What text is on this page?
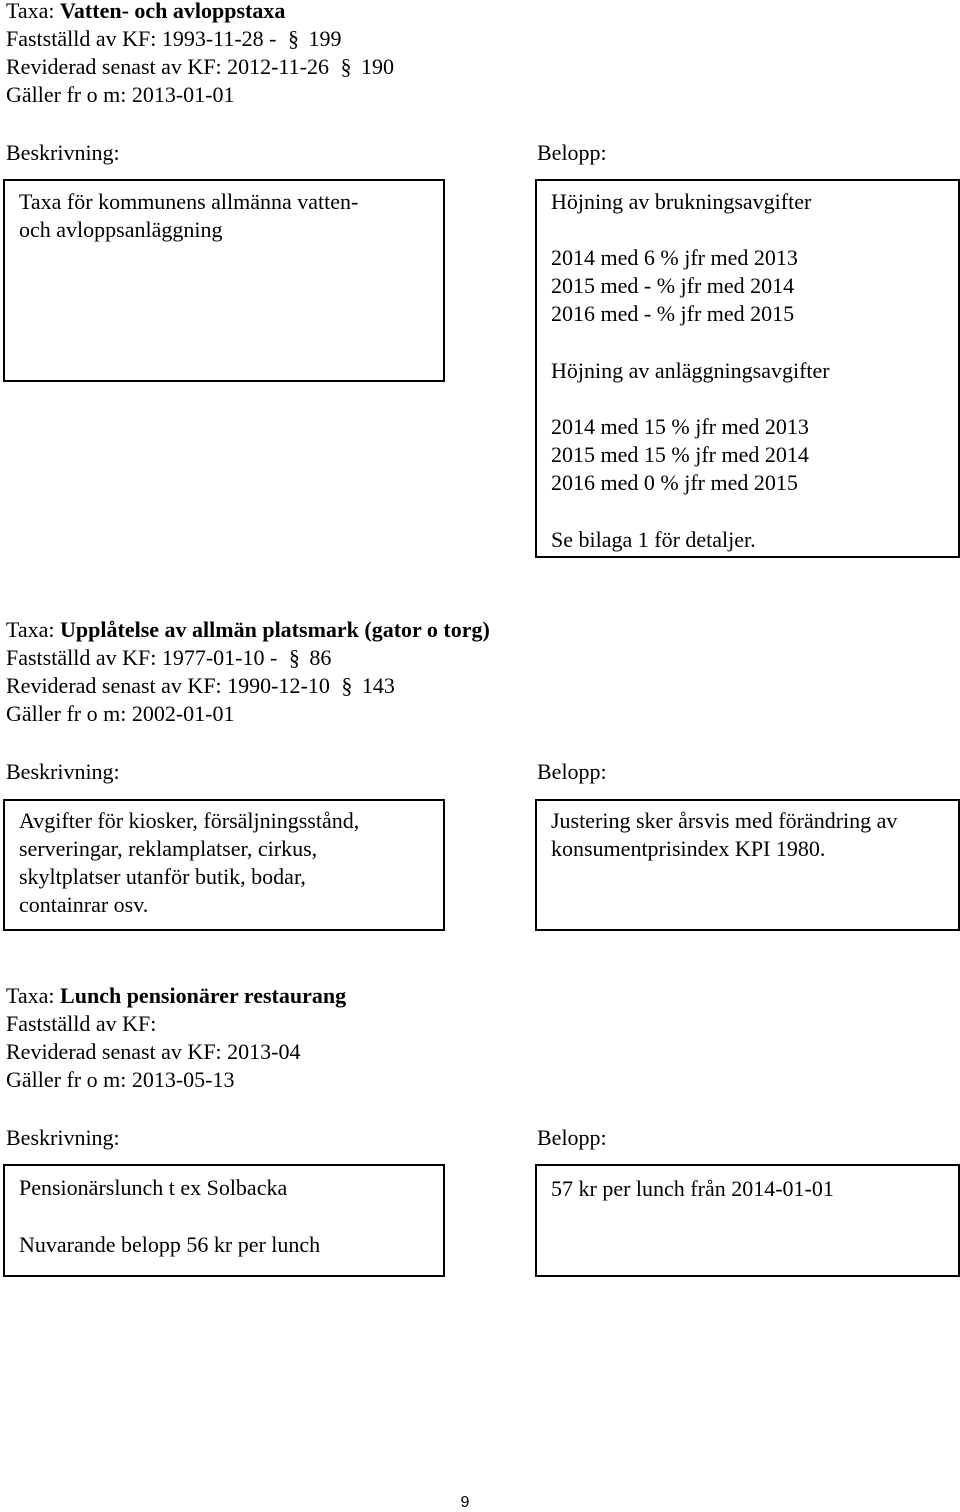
Taxa: Vatten- och avloppstaxa
Fastställd av KF: 1993-11-28 - § 199
Reviderad senast av KF: 2012-11-26 § 190
Gäller fr o m: 2013-01-01
Beskrivning:	Belopp:
Taxa för kommunens allmänna vatten-
och avloppsanläggning
Höjning av brukningsavgifter
2014 med 6 % jfr med 2013
2015 med - % jfr med 2014
2016 med - % jfr med 2015
Höjning av anläggningsavgifter
2014 med 15 % jfr med 2013
2015 med 15 % jfr med 2014
2016 med 0 % jfr med 2015
Se bilaga 1 för detaljer.
Taxa: Upplåtelse av allmän platsmark (gator o torg)
Fastställd av KF: 1977-01-10 - § 86
Reviderad senast av KF: 1990-12-10 § 143
Gäller fr o m: 2002-01-01
Beskrivning:	Belopp:
Avgifter för kiosker, försäljningsstånd,
serveringar, reklamplatser, cirkus,
skyltplatser utanför butik, bodar,
containrar osv.
Justering sker årsvis med förändring av
konsumentprisindex KPI 1980.
Taxa: Lunch pensionärer restaurang
Fastställd av KF:
Reviderad senast av KF: 2013-04
Gäller fr o m: 2013-05-13
Beskrivning:	Belopp:
Pensionärslunch t ex Solbacka
Nuvarande belopp 56 kr per lunch
57 kr per lunch från 2014-01-01
9
